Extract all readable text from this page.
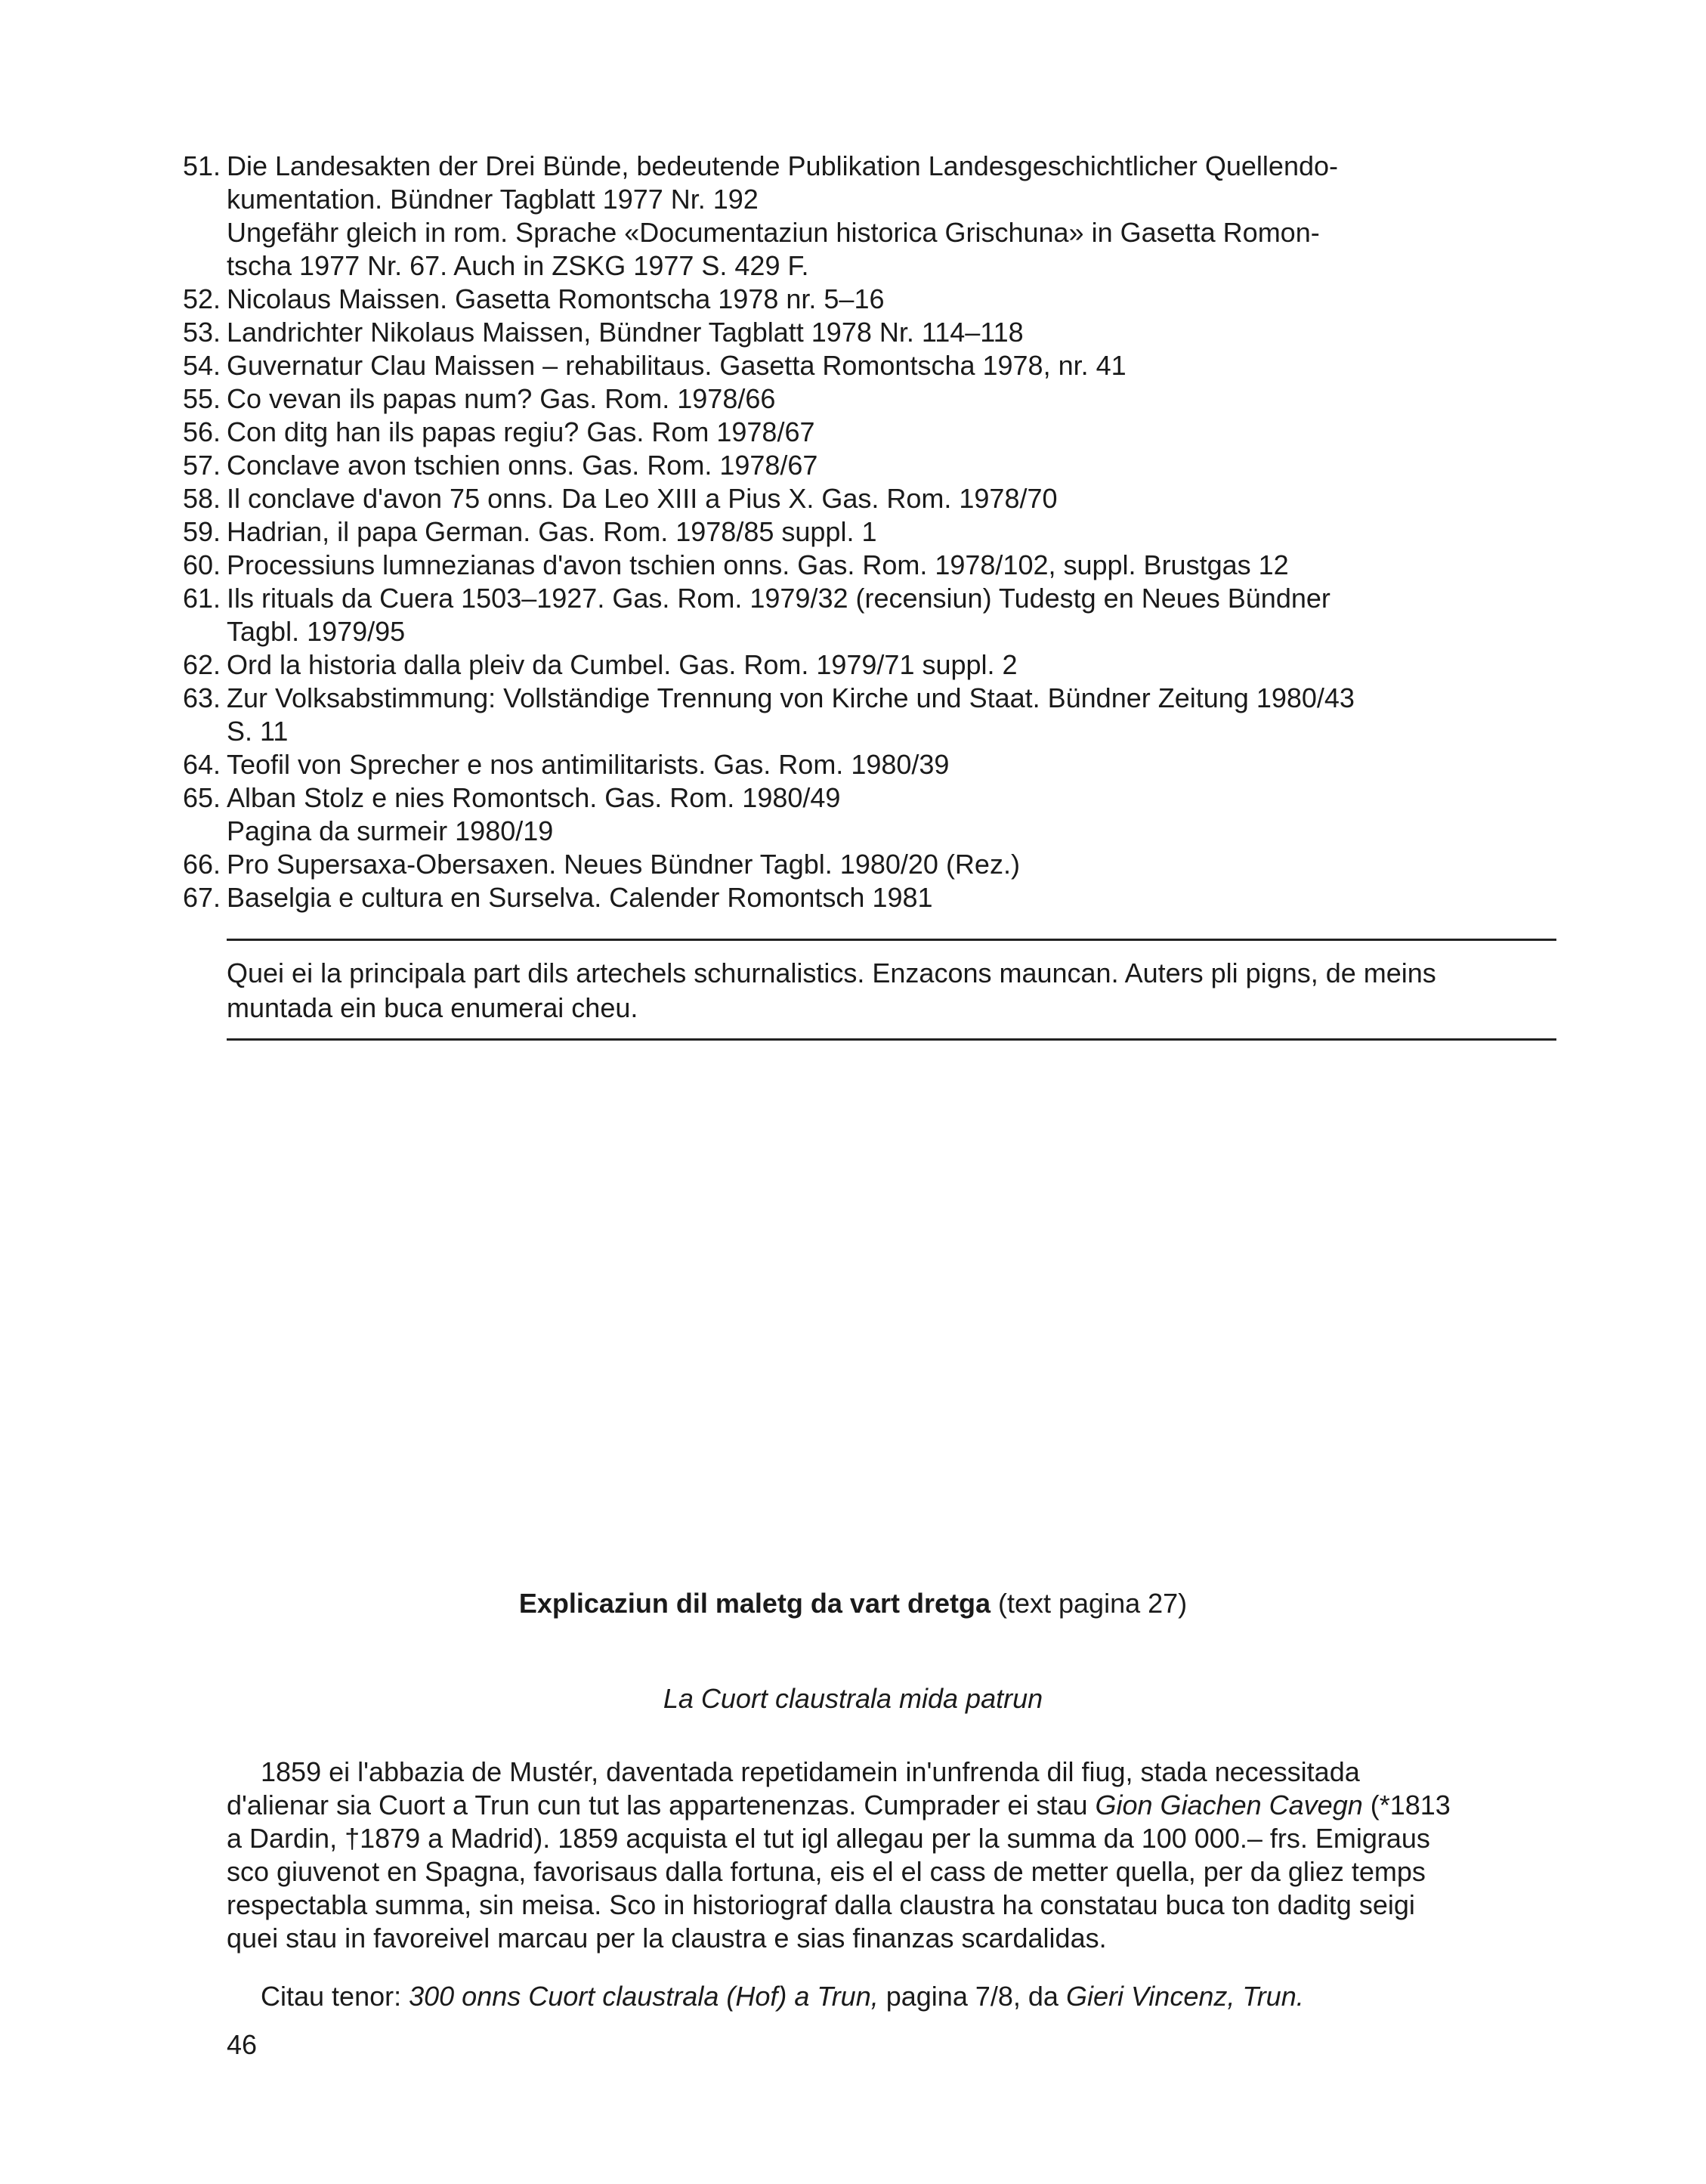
51. Die Landesakten der Drei Bünde, bedeutende Publikation Landesgeschichtlicher Quellendo-
kumentation. Bündner Tagblatt 1977 Nr. 192
Ungefähr gleich in rom. Sprache «Documentaziun historica Grischuna» in Gasetta Romon-
tscha 1977 Nr. 67. Auch in ZSKG 1977 S. 429 F.
52. Nicolaus Maissen. Gasetta Romontscha 1978 nr. 5–16
53. Landrichter Nikolaus Maissen, Bündner Tagblatt 1978 Nr. 114–118
54. Guvernatur Clau Maissen – rehabilitaus. Gasetta Romontscha 1978, nr. 41
55. Co vevan ils papas num? Gas. Rom. 1978/66
56. Con ditg han ils papas regiu? Gas. Rom 1978/67
57. Conclave avon tschien onns. Gas. Rom. 1978/67
58. Il conclave d'avon 75 onns. Da Leo XIII a Pius X. Gas. Rom. 1978/70
59. Hadrian, il papa German. Gas. Rom. 1978/85 suppl. 1
60. Processiuns lumnezianas d'avon tschien onns. Gas. Rom. 1978/102, suppl. Brustgas 12
61. Ils rituals da Cuera 1503–1927. Gas. Rom. 1979/32 (recensiun) Tudestg en Neues Bündner
Tagbl. 1979/95
62. Ord la historia dalla pleiv da Cumbel. Gas. Rom. 1979/71 suppl. 2
63. Zur Volksabstimmung: Vollständige Trennung von Kirche und Staat. Bündner Zeitung 1980/43
S. 11
64. Teofil von Sprecher e nos antimilitarists. Gas. Rom. 1980/39
65. Alban Stolz e nies Romontsch. Gas. Rom. 1980/49
Pagina da surmeir 1980/19
66. Pro Supersaxa-Obersaxen. Neues Bündner Tagbl. 1980/20 (Rez.)
67. Baselgia e cultura en Surselva. Calender Romontsch 1981
Quei ei la principala part dils artechels schurnalistics. Enzacons mauncan. Auters pli pigns, de meins
muntada ein buca enumerai cheu.
Explicaziun dil maletg da vart dretga (text pagina 27)
La Cuort claustrala mida patrun
1859 ei l'abbazia de Mustér, daventada repetidamein in'unfrenda dil fiug, stada necessitada
d'alienar sia Cuort a Trun cun tut las appartenenzas. Cumprader ei stau Gion Giachen Cavegn (*1813
a Dardin, †1879 a Madrid). 1859 acquista el tut igl allegau per la summa da 100 000.– frs. Emigraus
sco giuvenot en Spagna, favorisaus dalla fortuna, eis el el cass de metter quella, per da gliez temps
respectabla summa, sin meisa. Sco in historiograf dalla claustra ha constatau buca ton daditg seigi
quei stau in favoreivel marcau per la claustra e sias finanzas scardalidas.
Citau tenor: 300 onns Cuort claustrala (Hof) a Trun, pagina 7/8, da Gieri Vincenz, Trun.
46
